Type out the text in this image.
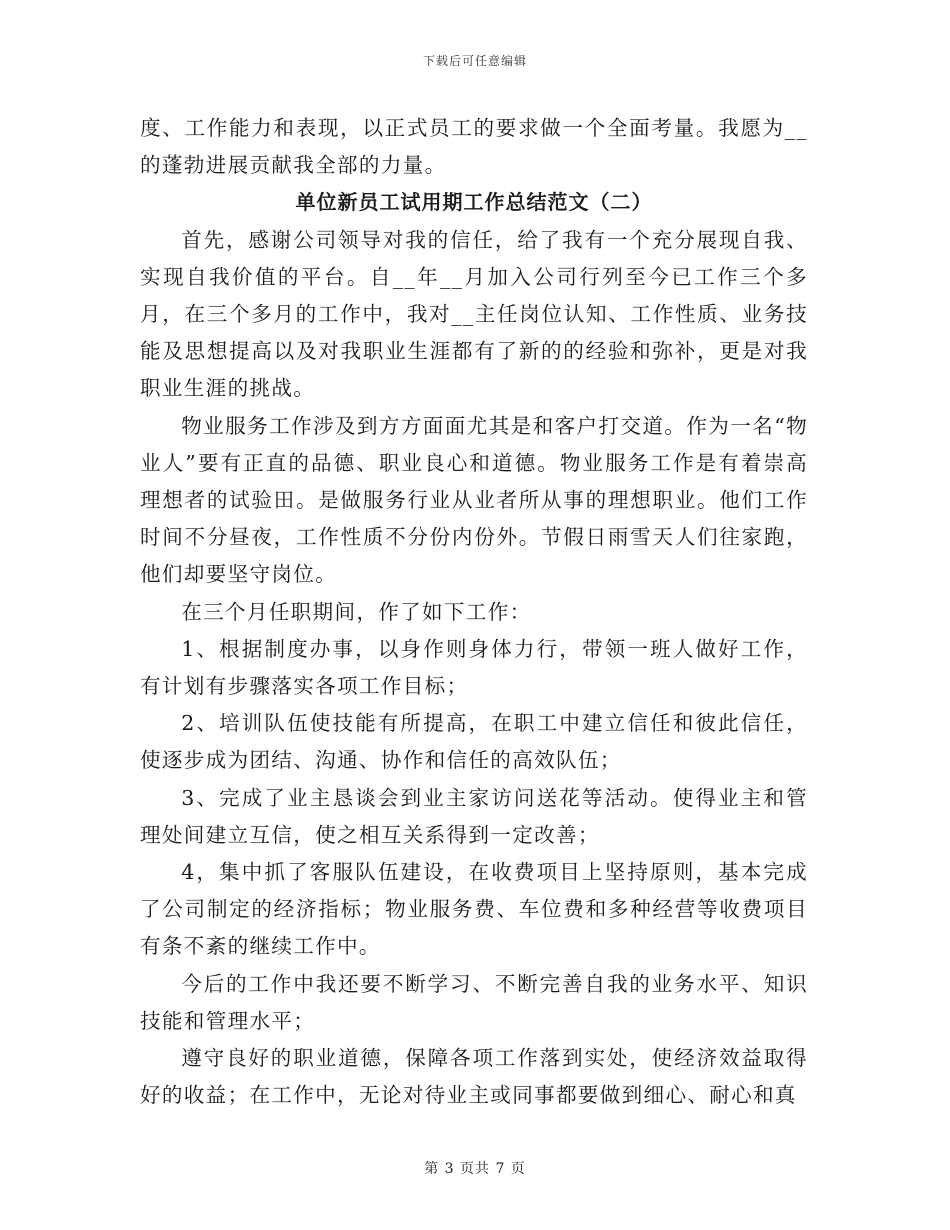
下载后可任意编辑

度、工作能力和表现，以正式员工的要求做一个全面考量。我愿为__的蓬勃进展贡献我全部的力量。

单位新员工试用期工作总结范文（二）

首先，感谢公司领导对我的信任，给了我有一个充分展现自我、实现自我价值的平台。自__年__月加入公司行列至今已工作三个多月，在三个多月的工作中，我对__主任岗位认知、工作性质、业务技能及思想提高以及对我职业生涯都有了新的的经验和弥补，更是对我职业生涯的挑战。

物业服务工作涉及到方方面面尤其是和客户打交道。作为一名“物业人”要有正直的品德、职业良心和道德。物业服务工作是有着崇高理想者的试验田。是做服务行业从业者所从事的理想职业。他们工作时间不分昼夜，工作性质不分份内份外。节假日雨雪天人们往家跑，他们却要坚守岗位。

在三个月任职期间，作了如下工作：

1、根据制度办事，以身作则身体力行，带领一班人做好工作，有计划有步骤落实各项工作目标；

2、培训队伍使技能有所提高，在职工中建立信任和彼此信任，使逐步成为团结、沟通、协作和信任的高效队伍；

3、完成了业主恳谈会到业主家访问送花等活动。使得业主和管理处间建立互信，使之相互关系得到一定改善；

4，集中抓了客服队伍建设，在收费项目上坚持原则，基本完成了公司制定的经济指标；物业服务费、车位费和多种经营等收费项目有条不紊的继续工作中。

今后的工作中我还要不断学习、不断完善自我的业务水平、知识技能和管理水平；

遵守良好的职业道德，保障各项工作落到实处，使经济效益取得好的收益；在工作中，无论对待业主或同事都要做到细心、耐心和真

第 3 页共 7 页
